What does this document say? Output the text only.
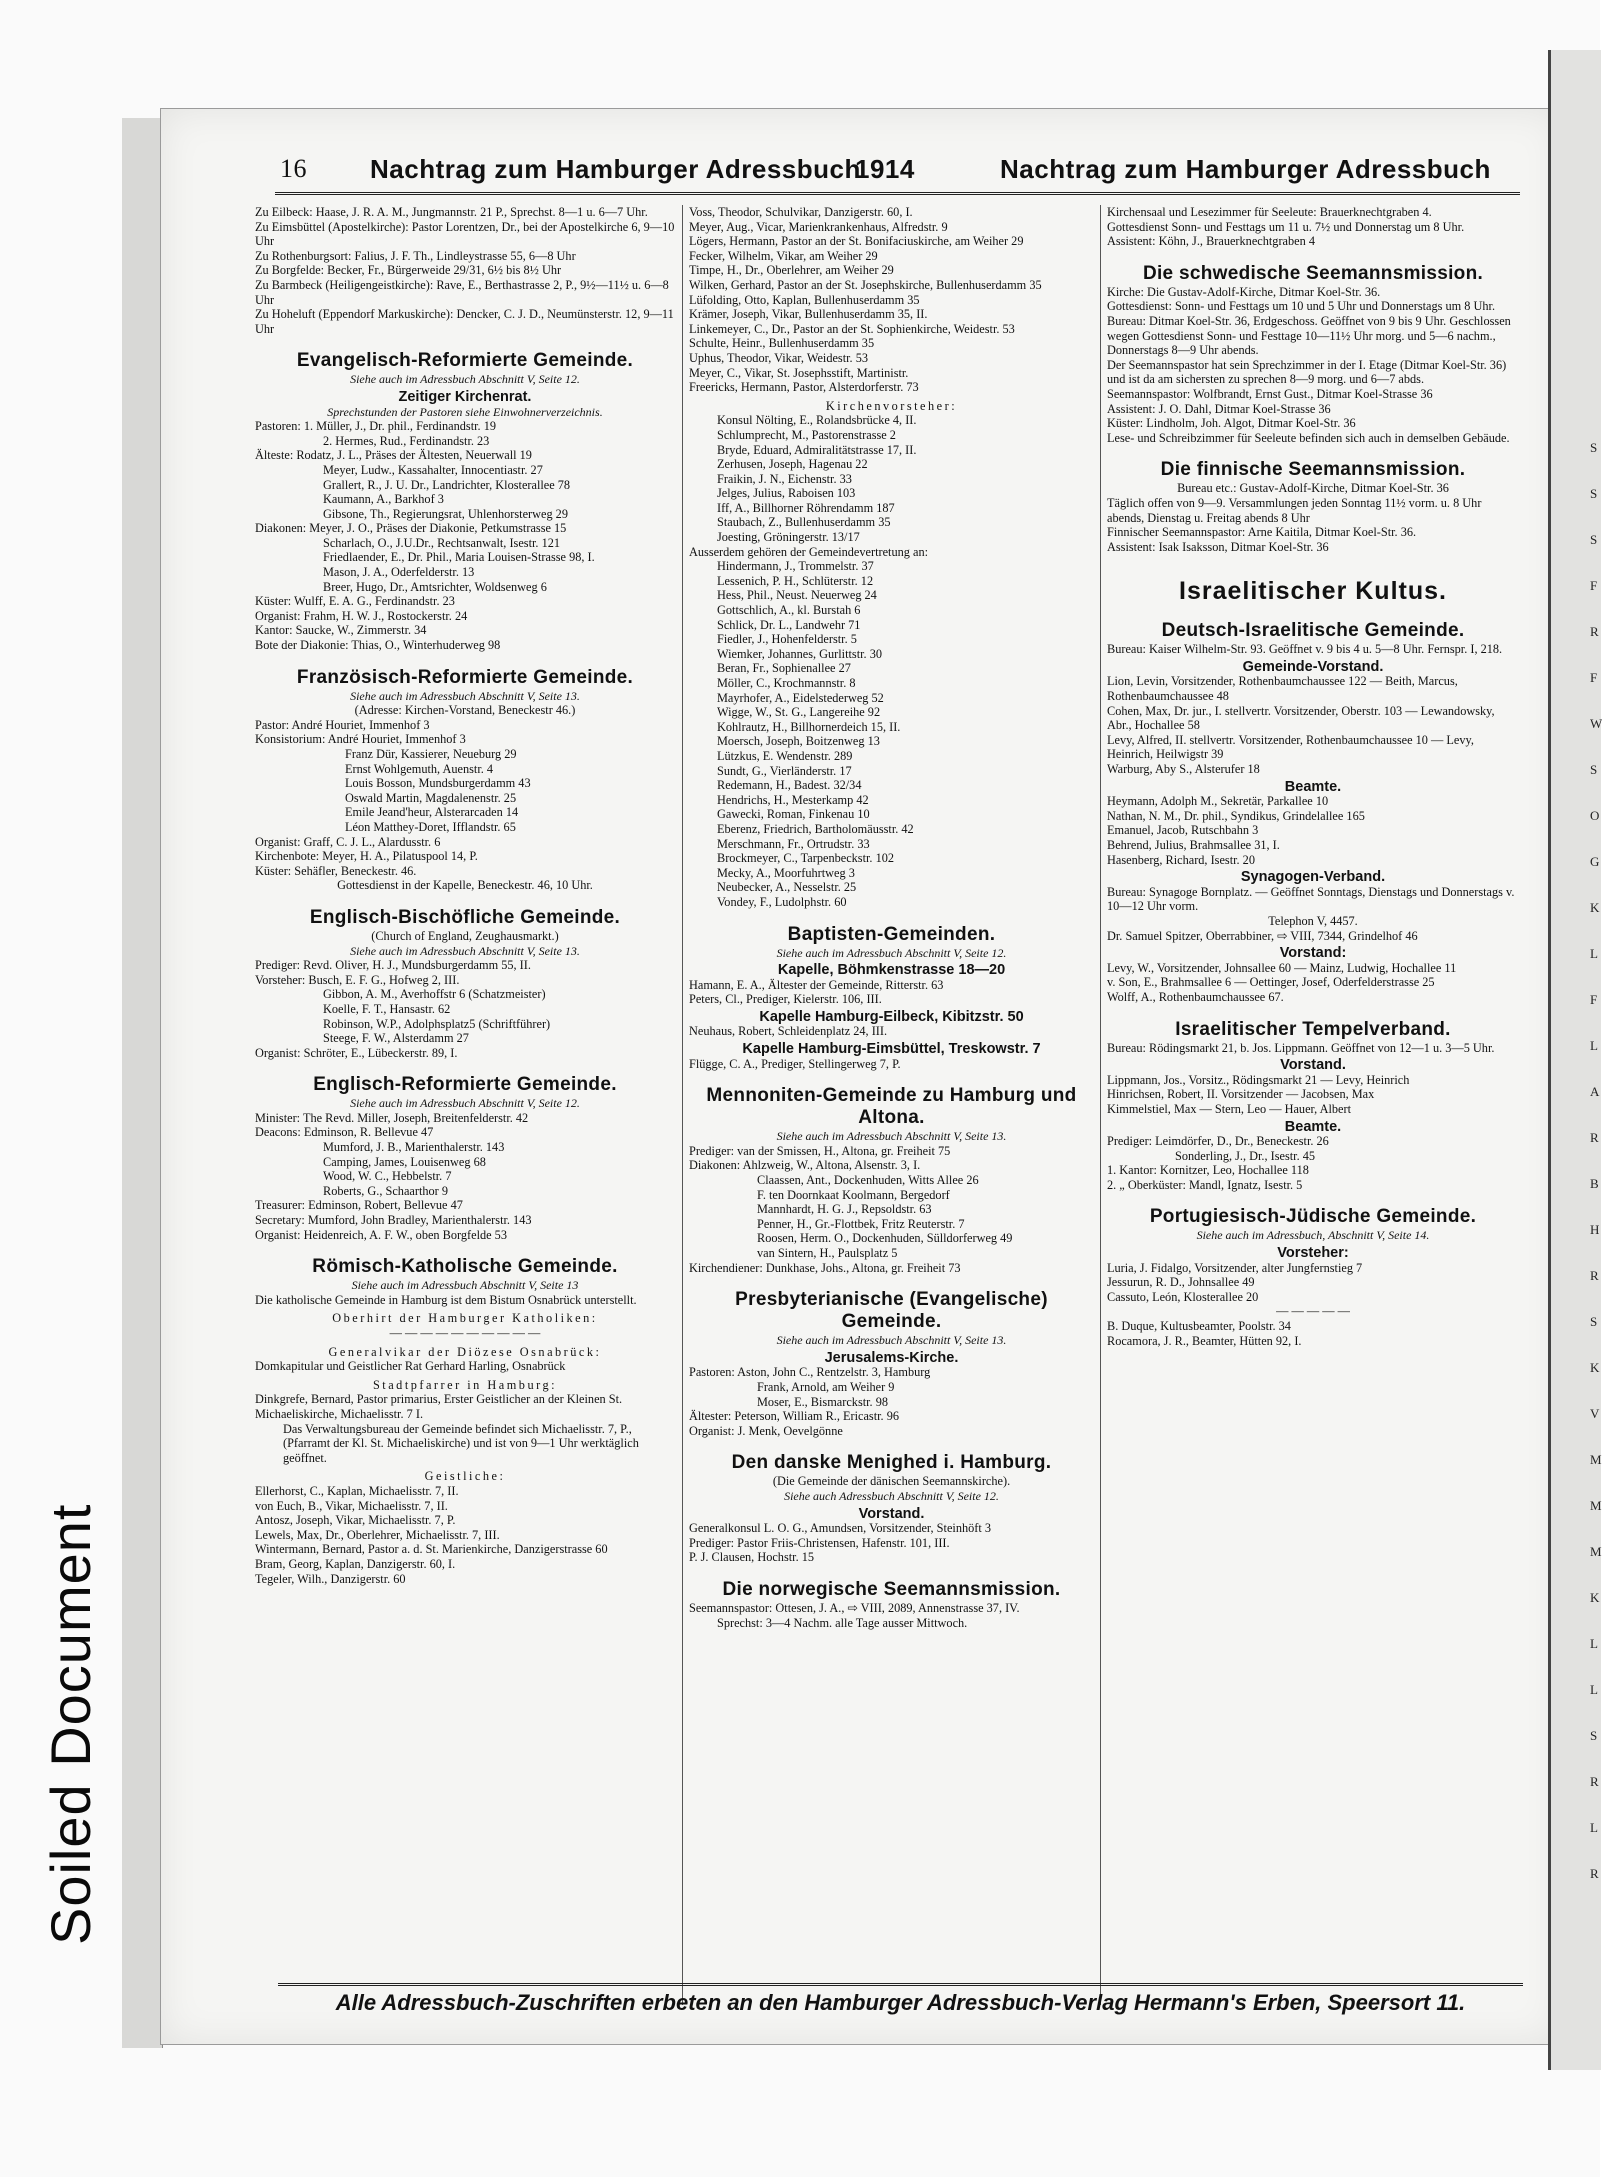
16 Nachtrag zum Hamburger Adressbuch
1914	Nachtrag zum Hamburger Adressbuch
Zu Eilbeck: Haase, J. R. A. M., Jungmannstr. 21 P., Sprechst. 8—1 u. 6—7 Uhr.
Zu Eimsbüttel (Apostelkirche): Pastor Lorentzen, Dr., bei der Apostelkirche 6, 9—10 Uhr
Zu Rothenburgsort: Falius, J. F. Th., Lindleystrasse 55, 6—8 Uhr
Zu Borgfelde: Becker, Fr., Bürgerweide 29/31, 6½ bis 8½ Uhr
Zu Barmbeck (Heiligengeistkirche): Rave, E., Berthastrasse 2, P., 9½—11½ u. 6—8 Uhr
Zu Hoheluft (Eppendorf Markuskirche): Dencker, C. J. D., Neumünsterstr. 12, 9—11 Uhr
Evangelisch-Reformierte Gemeinde.
Siehe auch im Adressbuch Abschnitt V, Seite 12.
Zeitiger Kirchenrat.
Sprechstunden der Pastoren siehe Einwohnerverzeichnis.
Pastoren: 1. Müller, J., Dr. phil., Ferdinandstr. 19
2. Hermes, Rud., Ferdinandstr. 23
Älteste: Rodatz, J. L., Präses der Ältesten, Neuerwall 19
Meyer, Ludw., Kassahalter, Innocentiastr. 27
Grallert, R., J. U. Dr., Landrichter, Klosterallee 78
Kaumann, A., Barkhof 3
Gibsone, Th., Regierungsrat, Uhlenhorsterweg 29
Diakonen: Meyer, J. O., Präses der Diakonie, Petkumstrasse 15
Scharlach, O., J.U.Dr., Rechtsanwalt, Isestr. 121
Friedlaender, E., Dr. Phil., Maria Louisen-Strasse 98, I.
Mason, J. A., Oderfelderstr. 13
Breer, Hugo, Dr., Amtsrichter, Woldsenweg 6
Küster: Wulff, E. A. G., Ferdinandstr. 23
Organist: Frahm, H. W. J., Rostockerstr. 24
Kantor: Saucke, W., Zimmerstr. 34
Bote der Diakonie: Thias, O., Winterhuderweg 98
Französisch-Reformierte Gemeinde.
Siehe auch im Adressbuch Abschnitt V, Seite 13.
(Adresse: Kirchen-Vorstand, Beneckestr 46.)
Pastor: André Houriet, Immenhof 3
Konsistorium: André Houriet, Immenhof 3
Franz Dür, Kassierer, Neueburg 29
Ernst Wohlgemuth, Auenstr. 4
Louis Bosson, Mundsburgerdamm 43
Oswald Martin, Magdalenenstr. 25
Emile Jeand'heur, Alsterarcaden 14
Léon Matthey-Doret, Ifflandstr. 65
Organist: Graff, C. J. L., Alardusstr. 6
Kirchenbote: Meyer, H. A., Pilatuspool 14, P.
Küster: Sehäfler, Beneckestr. 46.
Gottesdienst in der Kapelle, Beneckestr. 46, 10 Uhr.
Englisch-Bischöfliche Gemeinde.
(Church of England, Zeughausmarkt.)
Siehe auch im Adressbuch Abschnitt V, Seite 13.
Prediger: Revd. Oliver, H. J., Mundsburgerdamm 55, II.
Vorsteher: Busch, E. F. G., Hofweg 2, III.
Gibbon, A. M., Averhoffstr 6 (Schatzmeister)
Koelle, F. T., Hansastr. 62
Robinson, W.P., Adolphsplatz5 (Schriftführer)
Steege, F. W., Alsterdamm 27
Organist: Schröter, E., Lübeckerstr. 89, I.
Englisch-Reformierte Gemeinde.
Siehe auch im Adressbuch Abschnitt V, Seite 12.
Minister: The Revd. Miller, Joseph, Breitenfelderstr. 42
Deacons: Edminson, R. Bellevue 47
Mumford, J. B., Marienthalerstr. 143
Camping, James, Louisenweg 68
Wood, W. C., Hebbelstr. 7
Roberts, G., Schaarthor 9
Treasurer: Edminson, Robert, Bellevue 47
Secretary: Mumford, John Bradley, Marienthalerstr. 143
Organist: Heidenreich, A. F. W., oben Borgfelde 53
Römisch-Katholische Gemeinde.
Siehe auch im Adressbuch Abschnitt V, Seite 13
Die katholische Gemeinde in Hamburg ist dem Bistum Osnabrück unterstellt.
Oberhirt der Hamburger Katholiken:
— — — — — — — — — —
Generalvikar der Diözese Osnabrück:
Domkapitular und Geistlicher Rat Gerhard Harling, Osnabrück
Stadtpfarrer in Hamburg:
Dinkgrefe, Bernard, Pastor primarius, Erster Geistlicher an der Kleinen St. Michaeliskirche, Michaelisstr. 7 I.
Das Verwaltungsbureau der Gemeinde befindet sich Michaelisstr. 7, P., (Pfarramt der Kl. St. Michaeliskirche) und ist von 9—1 Uhr werktäglich geöffnet.
Geistliche:
Ellerhorst, C., Kaplan, Michaelisstr. 7, II.
von Euch, B., Vikar, Michaelisstr. 7, II.
Antosz, Joseph, Vikar, Michaelisstr. 7, P.
Lewels, Max, Dr., Oberlehrer, Michaelisstr. 7, III.
Wintermann, Bernard, Pastor a. d. St. Marienkirche, Danzigerstrasse 60
Bram, Georg, Kaplan, Danzigerstr. 60, I.
Tegeler, Wilh., Danzigerstr. 60
Voss, Theodor, Schulvikar, Danzigerstr. 60, I.
Meyer, Aug., Vicar, Marienkrankenhaus, Alfredstr. 9
Lögers, Hermann, Pastor an der St. Bonifaciuskirche, am Weiher 29
Fecker, Wilhelm, Vikar, am Weiher 29
Timpe, H., Dr., Oberlehrer, am Weiher 29
Wilken, Gerhard, Pastor an der St. Josephskirche, Bullenhuserdamm 35
Lüfolding, Otto, Kaplan, Bullenhuserdamm 35
Krämer, Joseph, Vikar, Bullenhuserdamm 35, II.
Linkemeyer, C., Dr., Pastor an der St. Sophienkirche, Weidestr. 53
Schulte, Heinr., Bullenhuserdamm 35
Uphus, Theodor, Vikar, Weidestr. 53
Meyer, C., Vikar, St. Josephsstift, Martinistr.
Freericks, Hermann, Pastor, Alsterdorferstr. 73
Kirchenvorsteher:
Konsul Nölting, E., Rolandsbrücke 4, II.
Schlumprecht, M., Pastorenstrasse 2
Bryde, Eduard, Admiralitätstrasse 17, II.
Zerhusen, Joseph, Hagenau 22
Fraikin, J. N., Eichenstr. 33
Jelges, Julius, Raboisen 103
Iff, A., Billhorner Röhrendamm 187
Staubach, Z., Bullenhuserdamm 35
Joesting, Gröningerstr. 13/17
Ausserdem gehören der Gemeindevertretung an:
Hindermann, J., Trommelstr. 37
Lessenich, P. H., Schlüterstr. 12
Hess, Phil., Neust. Neuerweg 24
Gottschlich, A., kl. Burstah 6
Schlick, Dr. L., Landwehr 71
Fiedler, J., Hohenfelderstr. 5
Wiemker, Johannes, Gurlittstr. 30
Beran, Fr., Sophienallee 27
Möller, C., Krochmannstr. 8
Mayrhofer, A., Eidelstederweg 52
Wigge, W., St. G., Langereihe 92
Kohlrautz, H., Billhornerdeich 15, II.
Moersch, Joseph, Boitzenweg 13
Lützkus, E. Wendenstr. 289
Sundt, G., Vierländerstr. 17
Redemann, H., Badest. 32/34
Hendrichs, H., Mesterkamp 42
Gawecki, Roman, Finkenau 10
Eberenz, Friedrich, Bartholomäusstr. 42
Merschmann, Fr., Ortrudstr. 33
Brockmeyer, C., Tarpenbeckstr. 102
Mecky, A., Moorfuhrtweg 3
Neubecker, A., Nesselstr. 25
Vondey, F., Ludolphstr. 60
Baptisten-Gemeinden.
Siehe auch im Adressbuch Abschnitt V, Seite 12.
Kapelle, Böhmkenstrasse 18—20
Hamann, E. A., Ältester der Gemeinde, Ritterstr. 63
Peters, Cl., Prediger, Kielerstr. 106, III.
Kapelle Hamburg-Eilbeck, Kibitzstr. 50
Neuhaus, Robert, Schleidenplatz 24, III.
Kapelle Hamburg-Eimsbüttel, Treskowstr. 7
Flügge, C. A., Prediger, Stellingerweg 7, P.
Mennoniten-Gemeinde zu Hamburg und Altona.
Siehe auch im Adressbuch Abschnitt V, Seite 13.
Prediger: van der Smissen, H., Altona, gr. Freiheit 75
Diakonen: Ahlzweig, W., Altona, Alsenstr. 3, I.
Claassen, Ant., Dockenhuden, Witts Allee 26
F. ten Doornkaat Koolmann, Bergedorf
Mannhardt, H. G. J., Repsoldstr. 63
Penner, H., Gr.-Flottbek, Fritz Reuterstr. 7
Roosen, Herm. O., Dockenhuden, Sülldorferweg 49
van Sintern, H., Paulsplatz 5
Kirchendiener: Dunkhase, Johs., Altona, gr. Freiheit 73
Presbyterianische (Evangelische) Gemeinde.
Siehe auch im Adressbuch Abschnitt V, Seite 13.
Jerusalems-Kirche.
Pastoren: Aston, John C., Rentzelstr. 3, Hamburg
Frank, Arnold, am Weiher 9
Moser, E., Bismarckstr. 98
Ältester: Peterson, William R., Ericastr. 96
Organist: J. Menk, Oevelgönne
Den danske Menighed i. Hamburg.
(Die Gemeinde der dänischen Seemannskirche).
Siehe auch Adressbuch Abschnitt V, Seite 12.
Vorstand.
Generalkonsul L. O. G., Amundsen, Vorsitzender, Steinhöft 3
Prediger: Pastor Friis-Christensen, Hafenstr. 101, III.
P. J. Clausen, Hochstr. 15
Die norwegische Seemannsmission.
Seemannspastor: Ottesen, J. A., ⇨ VIII, 2089, Annenstrasse 37, IV.
Sprechst: 3—4 Nachm. alle Tage ausser Mittwoch.
Kirchensaal und Lesezimmer für Seeleute: Brauerknechtgraben 4.
Gottesdienst Sonn- und Festtags um 11 u. 7½ und Donnerstag um 8 Uhr.
Assistent: Köhn, J., Brauerknechtgraben 4
Die schwedische Seemannsmission.
Kirche: Die Gustav-Adolf-Kirche, Ditmar Koel-Str. 36.
Gottesdienst: Sonn- und Festtags um 10 und 5 Uhr und Donnerstags um 8 Uhr.
Bureau: Ditmar Koel-Str. 36, Erdgeschoss. Geöffnet von 9 bis 9 Uhr. Geschlossen wegen Gottesdienst Sonn- und Festtage 10—11½ Uhr morg. und 5—6 nachm., Donnerstags 8—9 Uhr abends.
Der Seemannspastor hat sein Sprechzimmer in der I. Etage (Ditmar Koel-Str. 36) und ist da am sichersten zu sprechen 8—9 morg. und 6—7 abds.
Seemannspastor: Wolfbrandt, Ernst Gust., Ditmar Koel-Strasse 36
Assistent: J. O. Dahl, Ditmar Koel-Strasse 36
Küster: Lindholm, Joh. Algot, Ditmar Koel-Str. 36
Lese- und Schreibzimmer für Seeleute befinden sich auch in demselben Gebäude.
Die finnische Seemannsmission.
Bureau etc.: Gustav-Adolf-Kirche, Ditmar Koel-Str. 36
Täglich offen von 9—9. Versammlungen jeden Sonntag 11½ vorm. u. 8 Uhr abends, Dienstag u. Freitag abends 8 Uhr
Finnischer Seemannspastor: Arne Kaitila, Ditmar Koel-Str. 36.
Assistent: Isak Isaksson, Ditmar Koel-Str. 36
Israelitischer Kultus.
Deutsch-Israelitische Gemeinde.
Bureau: Kaiser Wilhelm-Str. 93. Geöffnet v. 9 bis 4 u. 5—8 Uhr. Fernspr. I, 218.
Gemeinde-Vorstand.
Lion, Levin, Vorsitzender, Rothenbaumchaussee 122 — Beith, Marcus, Rothenbaumchaussee 48
Cohen, Max, Dr. jur., I. stellvertr. Vorsitzender, Oberstr. 103 — Lewandowsky, Abr., Hochallee 58
Levy, Alfred, II. stellvertr. Vorsitzender, Rothenbaumchaussee 10 — Levy, Heinrich, Heilwigstr 39
Warburg, Aby S., Alsterufer 18
Beamte.
Heymann, Adolph M., Sekretär, Parkallee 10
Nathan, N. M., Dr. phil., Syndikus, Grindelallee 165
Emanuel, Jacob, Rutschbahn 3
Behrend, Julius, Brahmsallee 31, I.
Hasenberg, Richard, Isestr. 20
Synagogen-Verband.
Bureau: Synagoge Bornplatz. — Geöffnet Sonntags, Dienstags und Donnerstags v. 10—12 Uhr vorm.
Telephon V, 4457.
Dr. Samuel Spitzer, Oberrabbiner, ⇨ VIII, 7344, Grindelhof 46
Vorstand:
Levy, W., Vorsitzender, Johnsallee 60 — Mainz, Ludwig, Hochallee 11
v. Son, E., Brahmsallee 6 — Oettinger, Josef, Oderfelderstrasse 25
Wolff, A., Rothenbaumchaussee 67.
Israelitischer Tempelverband.
Bureau: Rödingsmarkt 21, b. Jos. Lippmann. Geöffnet von 12—1 u. 3—5 Uhr.
Vorstand.
Lippmann, Jos., Vorsitz., Rödingsmarkt 21 — Levy, Heinrich
Hinrichsen, Robert, II. Vorsitzender — Jacobsen, Max
Kimmelstiel, Max — Stern, Leo — Hauer, Albert
Beamte.
Prediger: Leimdörfer, D., Dr., Beneckestr. 26
Sonderling, J., Dr., Isestr. 45
1. Kantor: Kornitzer, Leo, Hochallee 118
2. „ Oberküster: Mandl, Ignatz, Isestr. 5
Portugiesisch-Jüdische Gemeinde.
Siehe auch im Adressbuch, Abschnitt V, Seite 14.
Vorsteher:
Luria, J. Fidalgo, Vorsitzender, alter Jungfernstieg 7
Jessurun, R. D., Johnsallee 49
Cassuto, León, Klosterallee 20
— — — — —
B. Duque, Kultusbeamter, Poolstr. 34
Rocamora, J. R., Beamter, Hütten 92, I.
Alle Adressbuch-Zuschriften erbeten an den Hamburger Adressbuch-Verlag Hermann's Erben, Speersort 11.
Soiled Document
S
S
S
F
R
F
W
S
O
G
K
L
F
L
A
R
B
H
R
S
K
V
M
M
M
K
L
L
S
R
L
R
